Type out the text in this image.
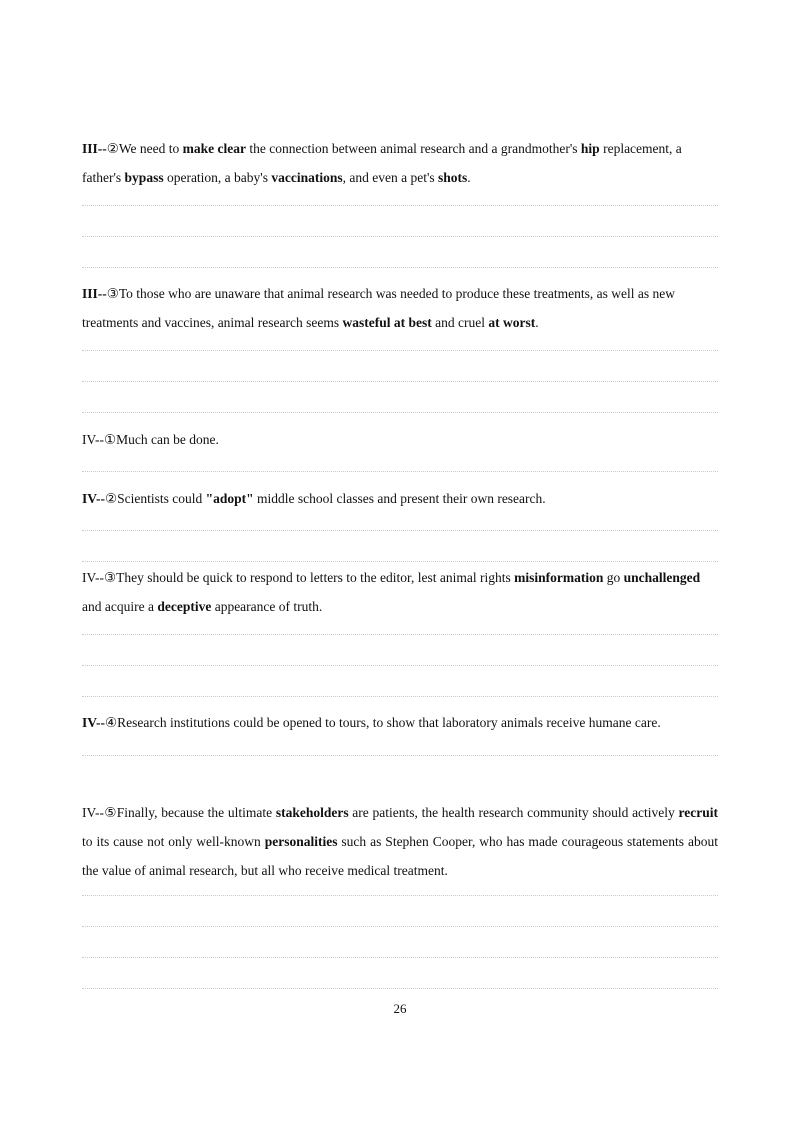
III--②We need to make clear the connection between animal research and a grandmother's hip replacement, a father's bypass operation, a baby's vaccinations, and even a pet's shots.
III--③To those who are unaware that animal research was needed to produce these treatments, as well as new treatments and vaccines, animal research seems wasteful at best and cruel at worst.
IV--①Much can be done.
IV--②Scientists could "adopt" middle school classes and present their own research.
IV--③They should be quick to respond to letters to the editor, lest animal rights misinformation go unchallenged and acquire a deceptive appearance of truth.
IV--④Research institutions could be opened to tours, to show that laboratory animals receive humane care.
IV--⑤Finally, because the ultimate stakeholders are patients, the health research community should actively recruit to its cause not only well-known personalities such as Stephen Cooper, who has made courageous statements about the value of animal research, but all who receive medical treatment.
26
